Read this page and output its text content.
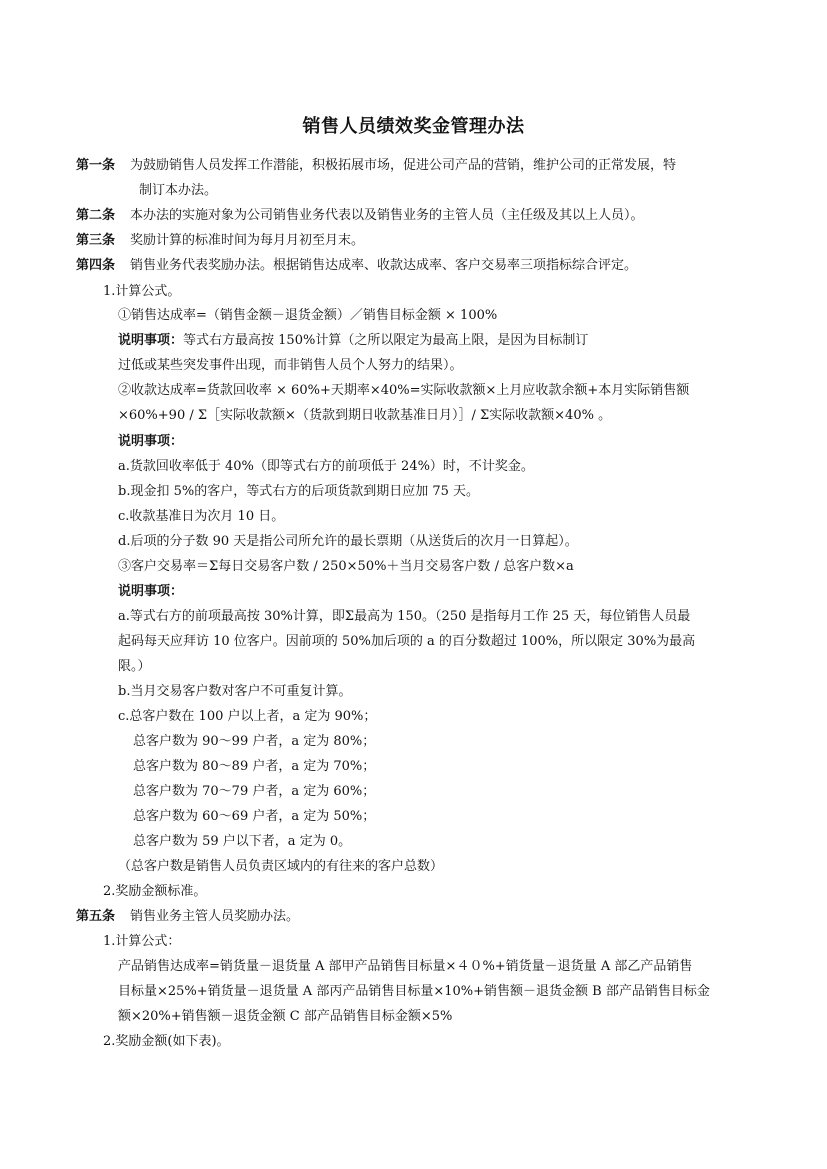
销售人员绩效奖金管理办法
第一条 为鼓励销售人员发挥工作潜能，积极拓展市场，促进公司产品的营销，维护公司的正常发展，特
制订本办法。
第二条 本办法的实施对象为公司销售业务代表以及销售业务的主管人员（主任级及其以上人员）。
第三条 奖励计算的标准时间为每月月初至月末。
第四条 销售业务代表奖励办法。根据销售达成率、收款达成率、客户交易率三项指标综合评定。
1.计算公式。
①销售达成率=（销售金额－退货金额）／销售目标金额 × 100%
说明事项：等式右方最高按 150%计算（之所以限定为最高上限，是因为目标制订
过低或某些突发事件出现，而非销售人员个人努力的结果）。
②收款达成率=货款回收率 × 60%+天期率×40%=实际收款额×上月应收款余额+本月实际销售额
×60%+90 / Σ［实际收款额×（货款到期日收款基准日月）］/ Σ实际收款额×40% 。
说明事项：
a.货款回收率低于 40%（即等式右方的前项低于 24%）时，不计奖金。
b.现金扣 5%的客户，等式右方的后项货款到期日应加 75 天。
c.收款基准日为次月 10 日。
d.后项的分子数 90 天是指公司所允许的最长票期（从送货后的次月一日算起）。
③客户交易率＝Σ每日交易客户数 / 250×50%＋当月交易客户数 / 总客户数×a
说明事项：
a.等式右方的前项最高按 30%计算，即Σ最高为 150。（250 是指每月工作 25 天，每位销售人员最
起码每天应拜访 10 位客户。因前项的 50%加后项的 a 的百分数超过 100%，所以限定 30%为最高
限。）
b.当月交易客户数对客户不可重复计算。
c.总客户数在 100 户以上者，a 定为 90%；
总客户数为 90～99 户者，a 定为 80%；
总客户数为 80～89 户者，a 定为 70%；
总客户数为 70～79 户者，a 定为 60%；
总客户数为 60～69 户者，a 定为 50%；
总客户数为 59 户以下者，a 定为 0。
（总客户数是销售人员负责区域内的有往来的客户总数）
2.奖励金额标准。
第五条 销售业务主管人员奖励办法。
1.计算公式：
产品销售达成率=销货量－退货量 A 部甲产品销售目标量×４０%+销货量－退货量 A 部乙产品销售
目标量×25%+销货量－退货量 A 部丙产品销售目标量×10%+销售额－退货金额 B 部产品销售目标金
额×20%+销售额－退货金额 C 部产品销售目标金额×5%
2.奖励金额(如下表)。
